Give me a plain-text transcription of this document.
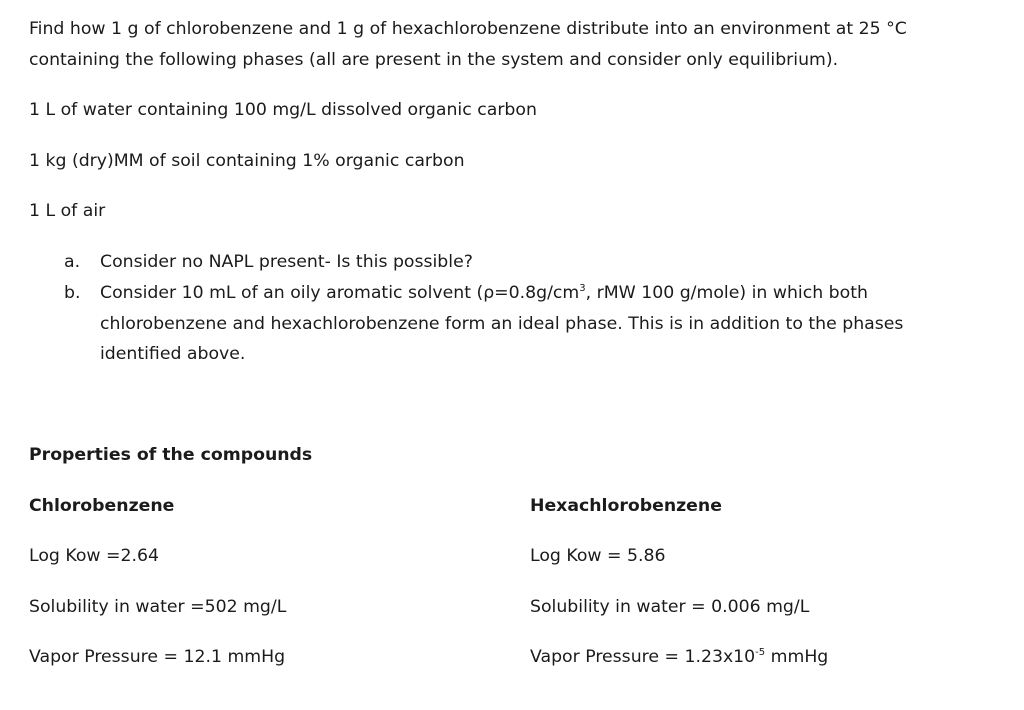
Find how 1 g of chlorobenzene and 1 g of hexachlorobenzene distribute into an environment at 25 °C
containing the following phases (all are present in the system and consider only equilibrium).
1 L of water containing 100 mg/L dissolved organic carbon
1 kg (dry)MM of soil containing 1% organic carbon
1 L of air
a. Consider no NAPL present- Is this possible?
b. Consider 10 mL of an oily aromatic solvent ($\rho=0.8g/cm^3$, rMW 100 g/mole) in which both
chlorobenzene and hexachlorobenzene form an ideal phase. This is in addition to the phases
identified above.
Properties of the compounds
Chlorobenzene	Hexachlorobenzene
Log Kow =2.64	Log Kow = 5.86
Solubility in water =502 mg/L	Solubility in water = 0.006 mg/L
Vapor Pressure = 12.1 mmHg	Vapor Pressure = $1.23x10^{-5}$ mmHg
